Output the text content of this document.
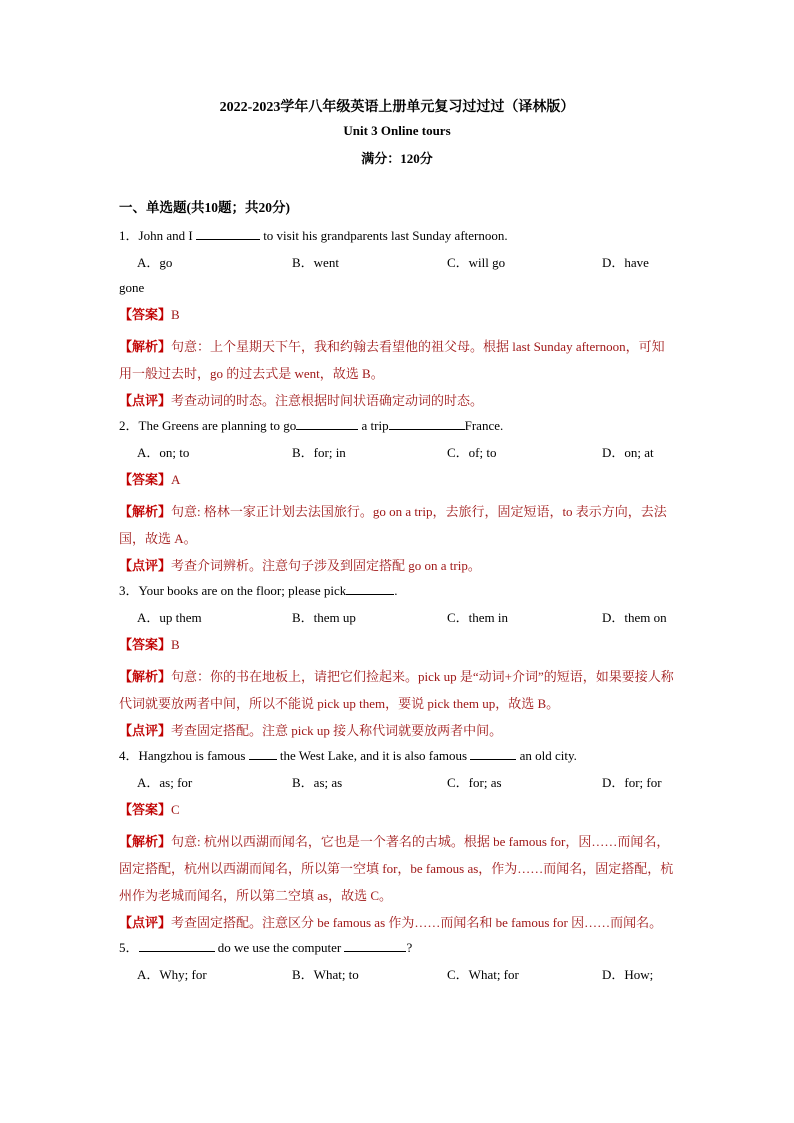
2022-2023学年八年级英语上册单元复习过过过（译林版）
Unit 3 Online tours
满分：120分
一、单选题(共10题；共20分)
1．John and I	to visit his grandparents last Sunday afternoon.
A．go	B．went	C．will go	D．have
gone
【答案】B
【解析】句意：上个星期天下午，我和约翰去看望他的祖父母。根据 last Sunday afternoon，可知用一般过去时，go 的过去式是 went，故选 B。
【点评】考查动词的时态。注意根据时间状语确定动词的时态。
2．The Greens are planning to go	a trip	France.
A．on; to	B．for; in	C．of; to	D．on; at
【答案】A
【解析】句意: 格林一家正计划去法国旅行。go on a trip，去旅行，固定短语，to 表示方向，去法国，故选 A。
【点评】考查介词辨析。注意句子涉及到固定搭配 go on a trip。
3．Your books are on the floor; please pick	.
A．up them	B．them up	C．them in	D．them on
【答案】B
【解析】句意：你的书在地板上，请把它们捡起来。pick up 是“动词+介词”的短语，如果要接人称代词就要放两者中间，所以不能说 pick up them，要说 pick them up，故选 B。
【点评】考查固定搭配。注意 pick up 接人称代词就要放两者中间。
4．Hangzhou is famous	the West Lake, and it is also famous	an old city.
A．as; for	B．as; as	C．for; as	D．for; for
【答案】C
【解析】句意: 杭州以西湖而闻名，它也是一个著名的古城。根据 be famous for，因……而闻名，固定搭配，杭州以西湖而闻名，所以第一空填 for，be famous as，作为……而闻名，固定搭配，杭州作为老城而闻名，所以第二空填 as，故选 C。
【点评】考查固定搭配。注意区分 be famous as 作为……而闻名和 be famous for 因……而闻名。
5．	do we use the computer	?
A．Why; for	B．What; to	C．What; for	D．How;
